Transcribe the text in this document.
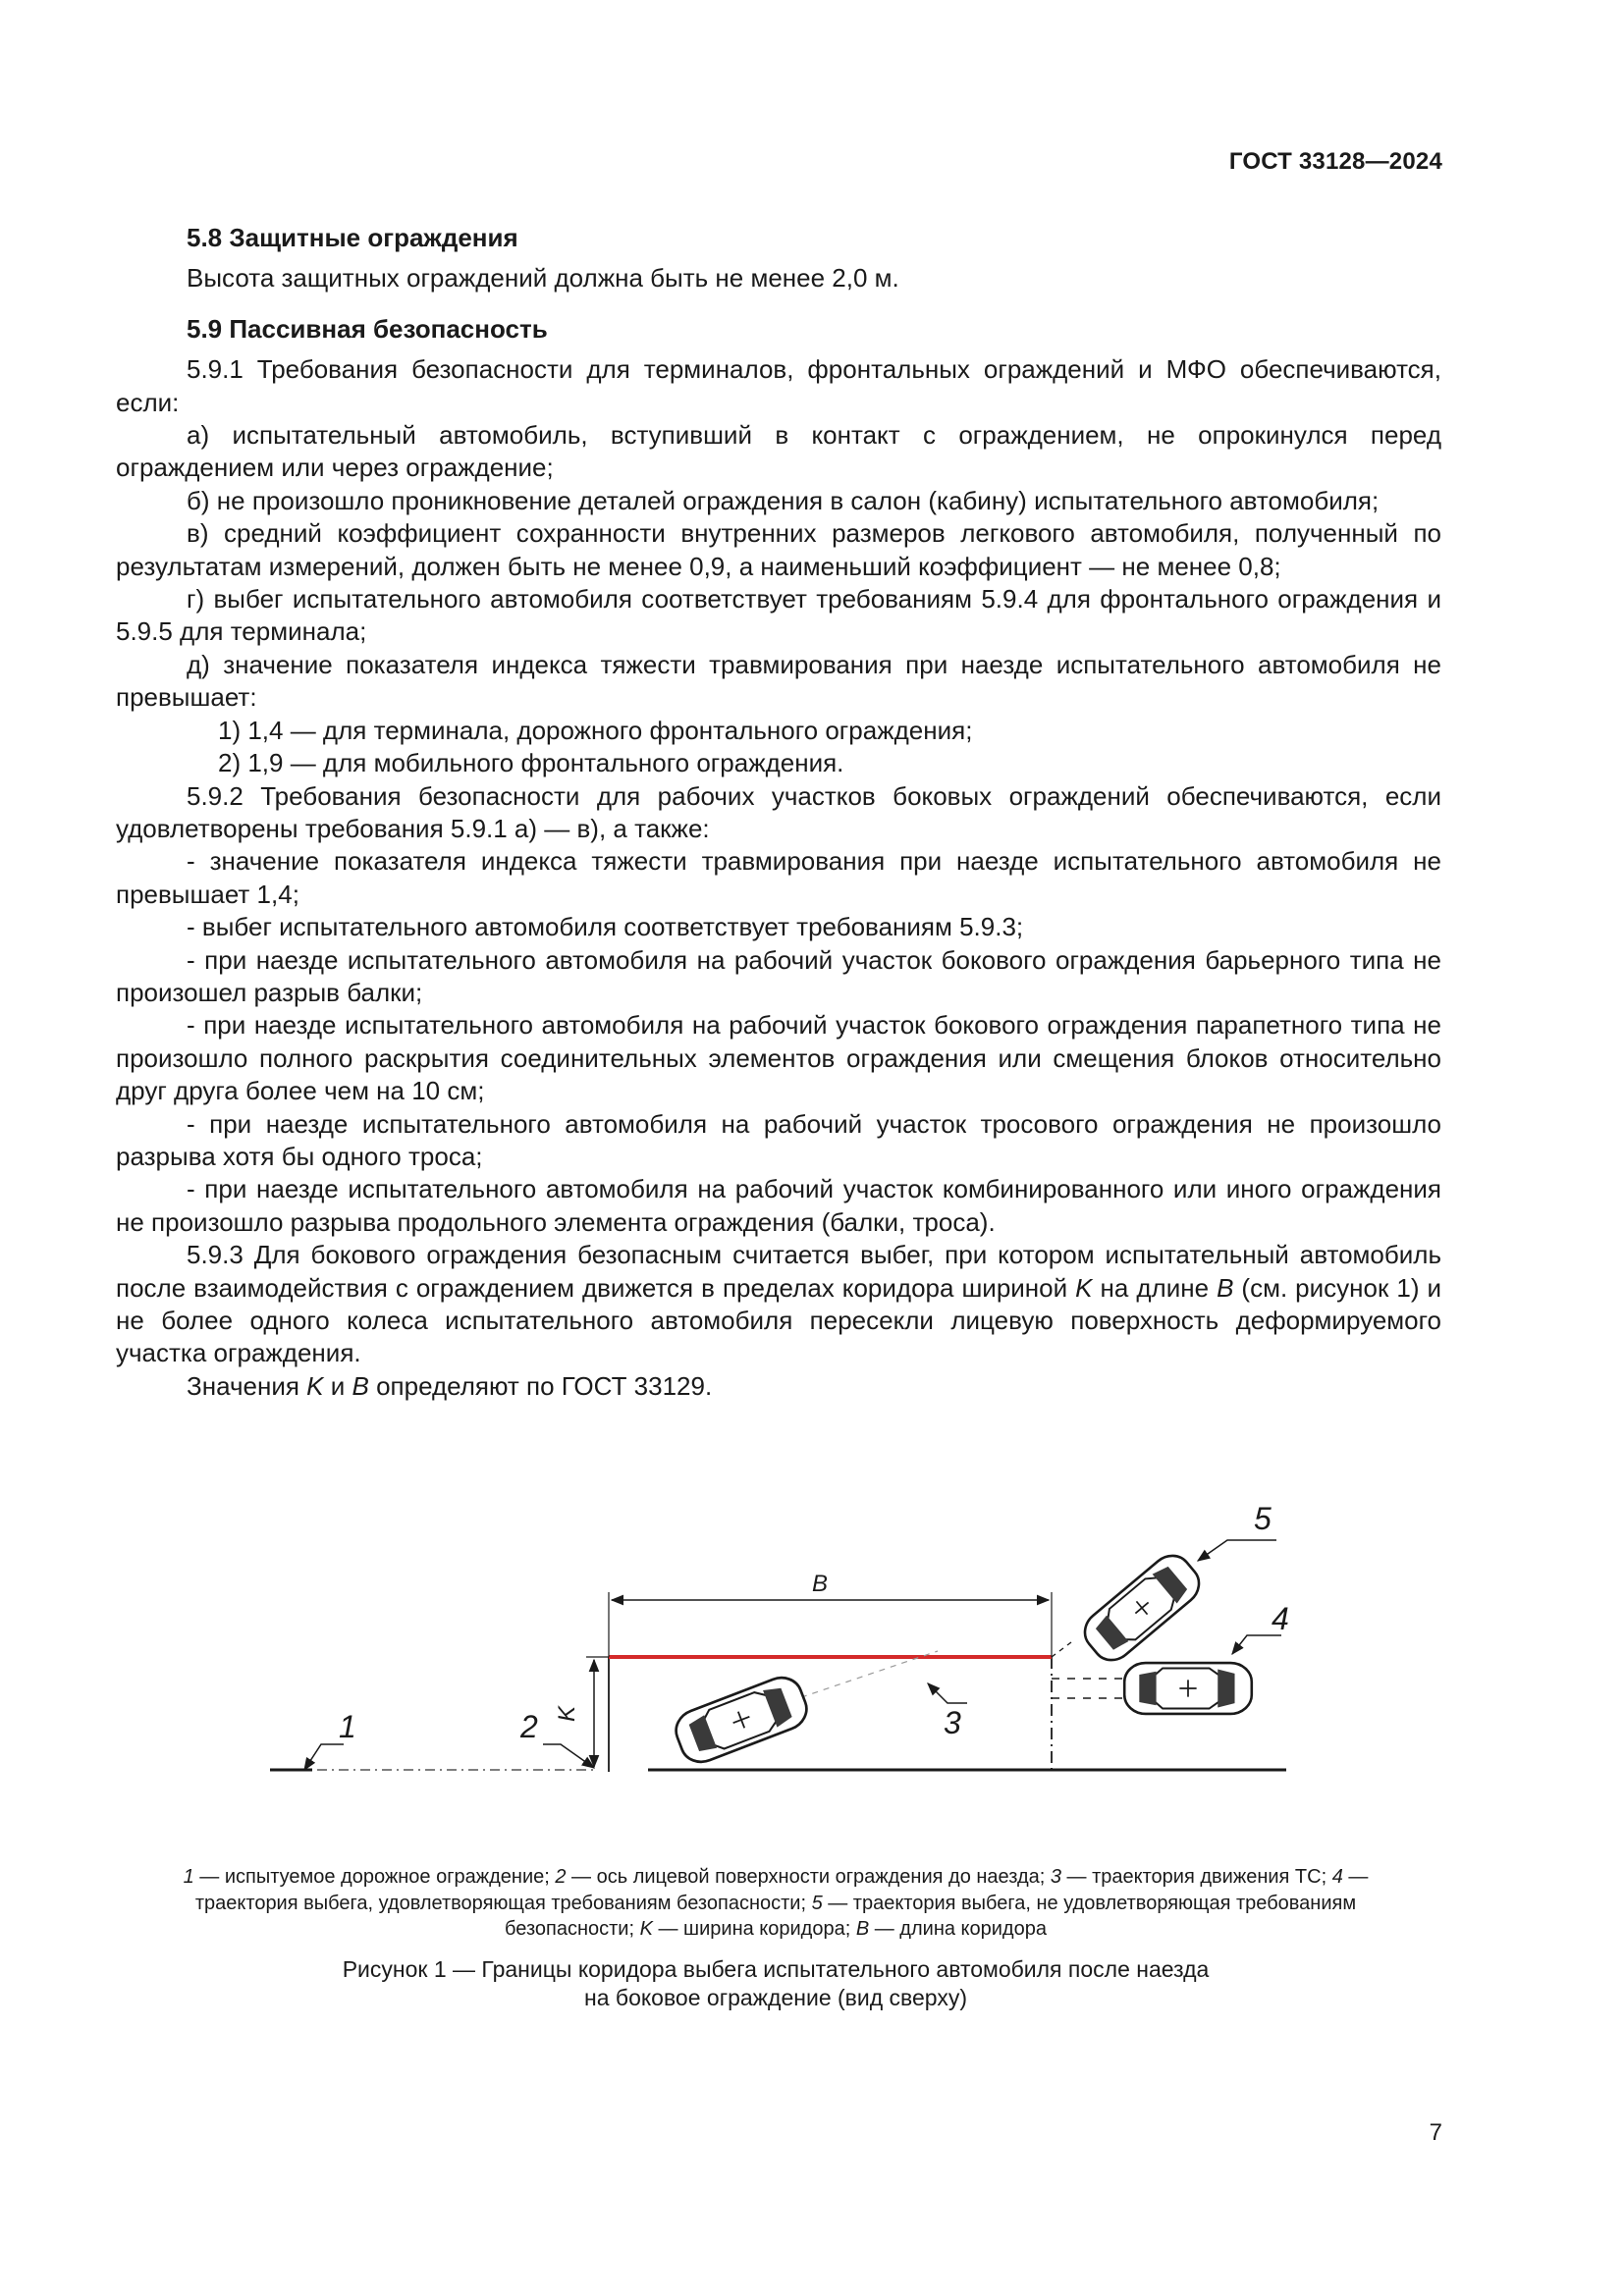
ГОСТ 33128—2024

5.8 Защитные ограждения

Высота защитных ограждений должна быть не менее 2,0 м.

5.9 Пассивная безопасность

5.9.1 Требования безопасности для терминалов, фронтальных ограждений и МФО обеспечиваются, если:

а) испытательный автомобиль, вступивший в контакт с ограждением, не опрокинулся перед ограждением или через ограждение;

б) не произошло проникновение деталей ограждения в салон (кабину) испытательного автомобиля;

в) средний коэффициент сохранности внутренних размеров легкового автомобиля, полученный по результатам измерений, должен быть не менее 0,9, а наименьший коэффициент — не менее 0,8;

г) выбег испытательного автомобиля соответствует требованиям 5.9.4 для фронтального ограждения и 5.9.5 для терминала;

д) значение показателя индекса тяжести травмирования при наезде испытательного автомобиля не превышает:

1) 1,4 — для терминала, дорожного фронтального ограждения;

2) 1,9 — для мобильного фронтального ограждения.

5.9.2 Требования безопасности для рабочих участков боковых ограждений обеспечиваются, если удовлетворены требования 5.9.1 а) — в), а также:

- значение показателя индекса тяжести травмирования при наезде испытательного автомобиля не превышает 1,4;

- выбег испытательного автомобиля соответствует требованиям 5.9.3;

- при наезде испытательного автомобиля на рабочий участок бокового ограждения барьерного типа не произошел разрыв балки;

- при наезде испытательного автомобиля на рабочий участок бокового ограждения парапетного типа не произошло полного раскрытия соединительных элементов ограждения или смещения блоков относительно друг друга более чем на 10 см;

- при наезде испытательного автомобиля на рабочий участок тросового ограждения не произошло разрыва хотя бы одного троса;

- при наезде испытательного автомобиля на рабочий участок комбинированного или иного ограждения не произошло разрыва продольного элемента ограждения (балки, троса).

5.9.3 Для бокового ограждения безопасным считается выбег, при котором испытательный автомобиль после взаимодействия с ограждением движется в пределах коридора шириной K на длине B (см. рисунок 1) и не более одного колеса испытательного автомобиля пересекли лицевую поверхность деформируемого участка ограждения.

Значения K и B определяют по ГОСТ 33129.

B
K
1	2	3
4
5
1 — испытуемое дорожное ограждение; 2 — ось лицевой поверхности ограждения до наезда; 3 — траектория движения ТС; 4 — траектория выбега, удовлетворяющая требованиям безопасности; 5 — траектория выбега, не удовлетворяющая требованиям безопасности; K — ширина коридора; B — длина коридора
Рисунок 1 — Границы коридора выбега испытательного автомобиля после наезда
на боковое ограждение (вид сверху)
7
